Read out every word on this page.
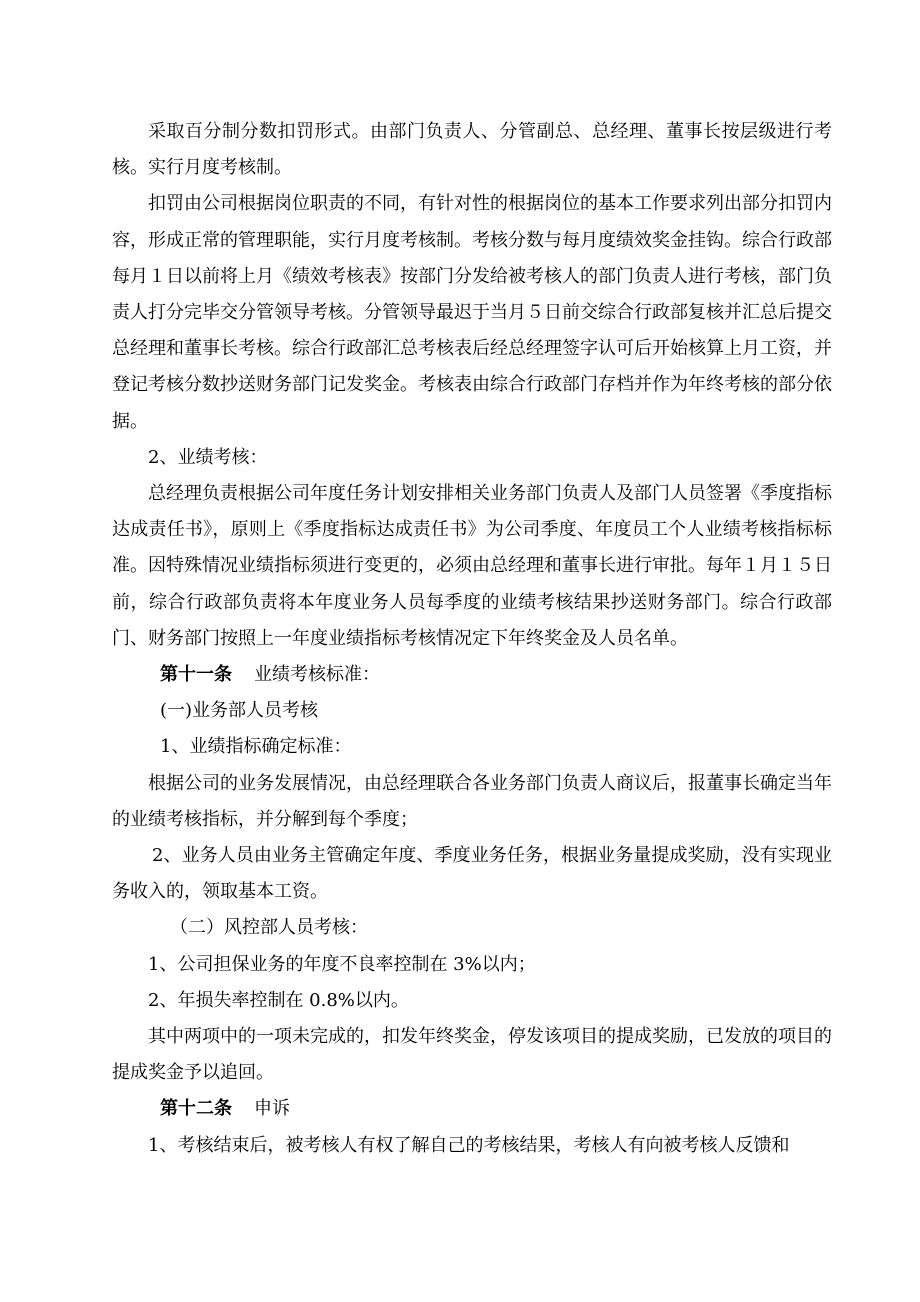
采取百分制分数扣罚形式。由部门负责人、分管副总、总经理、董事长按层级进行考核。实行月度考核制。

扣罚由公司根据岗位职责的不同，有针对性的根据岗位的基本工作要求列出部分扣罚内容，形成正常的管理职能，实行月度考核制。考核分数与每月度绩效奖金挂钩。综合行政部每月１日以前将上月《绩效考核表》按部门分发给被考核人的部门负责人进行考核，部门负责人打分完毕交分管领导考核。分管领导最迟于当月５日前交综合行政部复核并汇总后提交总经理和董事长考核。综合行政部汇总考核表后经总经理签字认可后开始核算上月工资，并登记考核分数抄送财务部门记发奖金。考核表由综合行政部门存档并作为年终考核的部分依据。

2、业绩考核：

总经理负责根据公司年度任务计划安排相关业务部门负责人及部门人员签署《季度指标达成责任书》，原则上《季度指标达成责任书》为公司季度、年度员工个人业绩考核指标标准。因特殊情况业绩指标须进行变更的，必须由总经理和董事长进行审批。每年１月１５日前，综合行政部负责将本年度业务人员每季度的业绩考核结果抄送财务部门。综合行政部门、财务部门按照上一年度业绩指标考核情况定下年终奖金及人员名单。

第十一条 业绩考核标准：

(一)业务部人员考核

1、业绩指标确定标准：

根据公司的业务发展情况，由总经理联合各业务部门负责人商议后，报董事长确定当年的业绩考核指标，并分解到每个季度；

2、业务人员由业务主管确定年度、季度业务任务，根据业务量提成奖励，没有实现业务收入的，领取基本工资。

（二）风控部人员考核：

1、公司担保业务的年度不良率控制在 3%以内；

2、年损失率控制在 0.8%以内。

其中两项中的一项未完成的，扣发年终奖金，停发该项目的提成奖励，已发放的项目的提成奖金予以追回。

第十二条 申诉

1、考核结束后，被考核人有权了解自己的考核结果，考核人有向被考核人反馈和
